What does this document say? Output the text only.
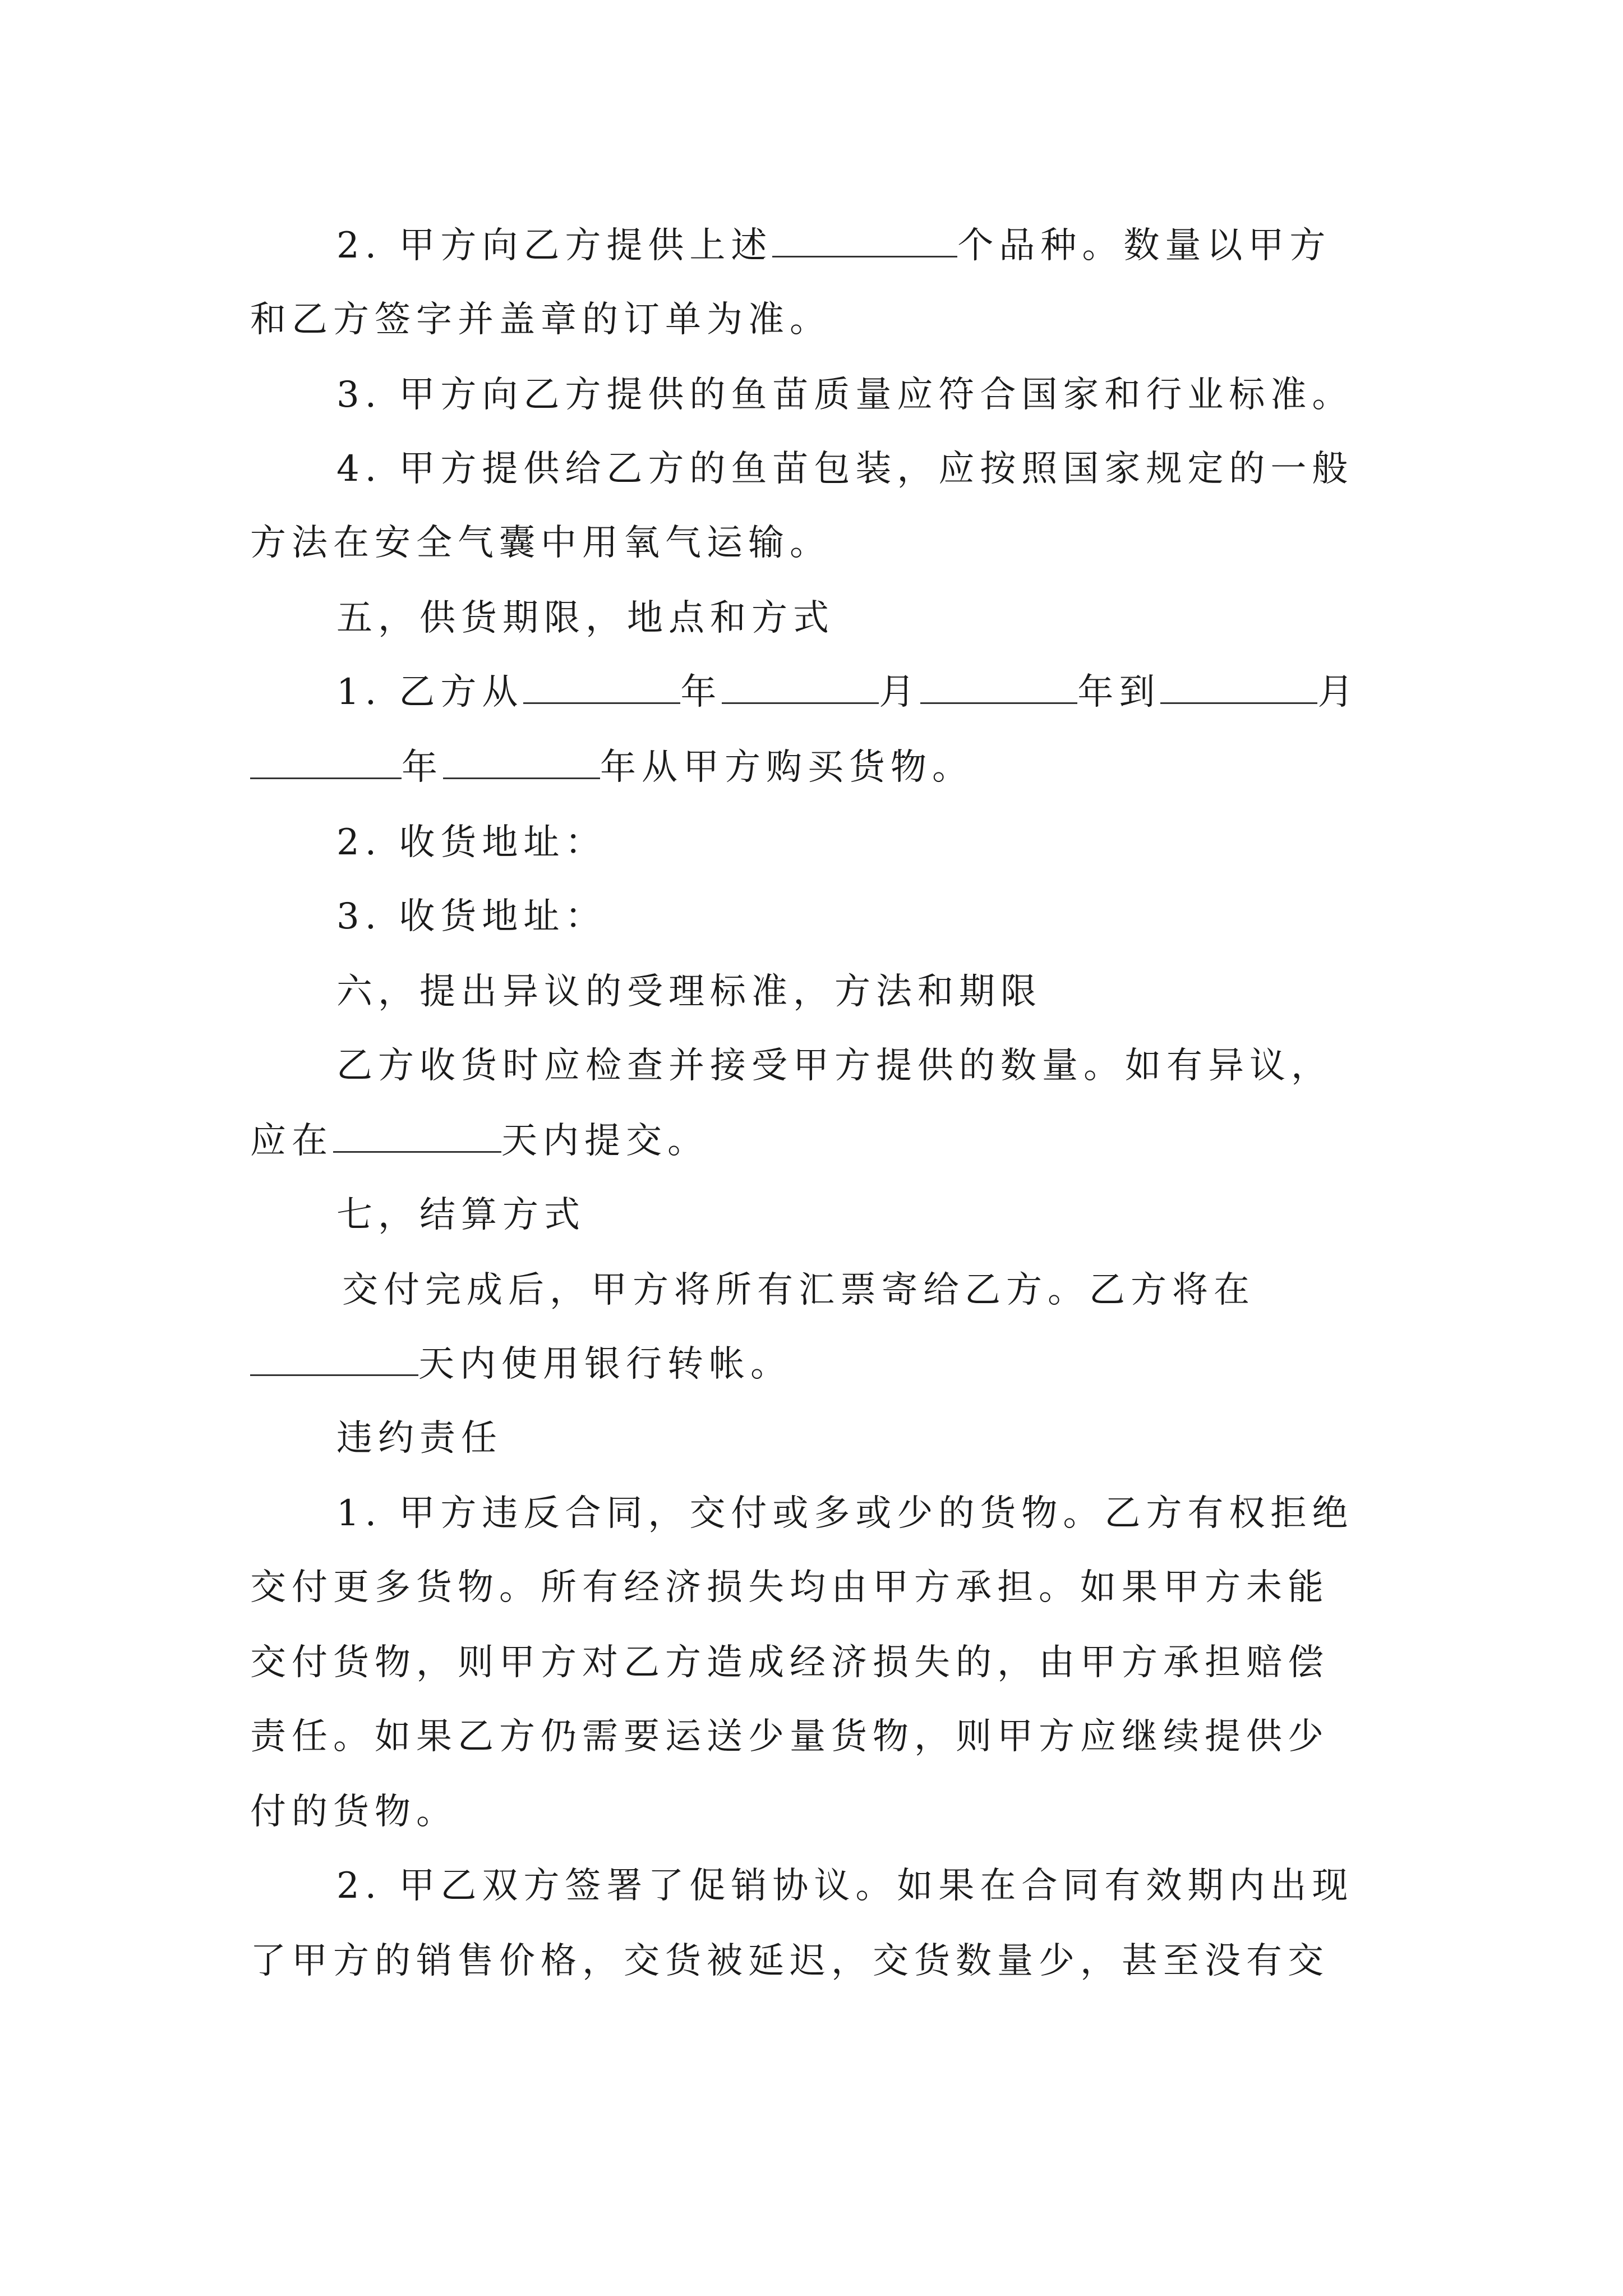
2. 甲方向乙方提供上述	个品种。数量以甲方
和乙方签字并盖章的订单为准。
3. 甲方向乙方提供的鱼苗质量应符合国家和行业标准。
4. 甲方提供给乙方的鱼苗包装，应按照国家规定的一般
方法在安全气囊中用氧气运输。
五，供货期限，地点和方式
1. 乙方从	年	月	年到	月
年	年从甲方购买货物。
2. 收货地址：
3. 收货地址：
六，提出异议的受理标准，方法和期限
乙方收货时应检查并接受甲方提供的数量。如有异议，
应在	天内提交。
七，结算方式
交付完成后，甲方将所有汇票寄给乙方。乙方将在
天内使用银行转帐。
违约责任
1. 甲方违反合同，交付或多或少的货物。乙方有权拒绝
交付更多货物。所有经济损失均由甲方承担。如果甲方未能
交付货物，则甲方对乙方造成经济损失的，由甲方承担赔偿
责任。如果乙方仍需要运送少量货物，则甲方应继续提供少
付的货物。
2. 甲乙双方签署了促销协议。如果在合同有效期内出现
了甲方的销售价格，交货被延迟，交货数量少，甚至没有交
